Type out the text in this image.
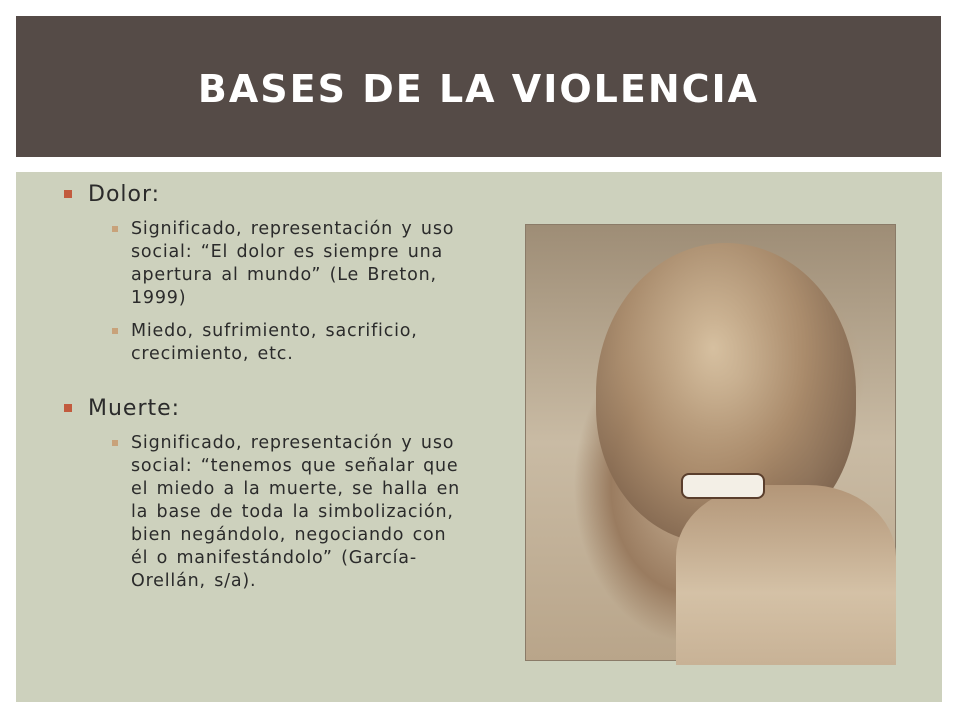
BASES DE LA VIOLENCIA
Dolor:
Significado, representación y uso social: “El dolor es siempre una apertura al mundo” (Le Breton, 1999)
Miedo, sufrimiento, sacrificio, crecimiento, etc.
Muerte:
Significado, representación y uso social: “tenemos que señalar que el miedo a la muerte, se halla en la base de toda la simbolización, bien negándolo, negociando con él o manifestándolo” (García-Orellán, s/a).
